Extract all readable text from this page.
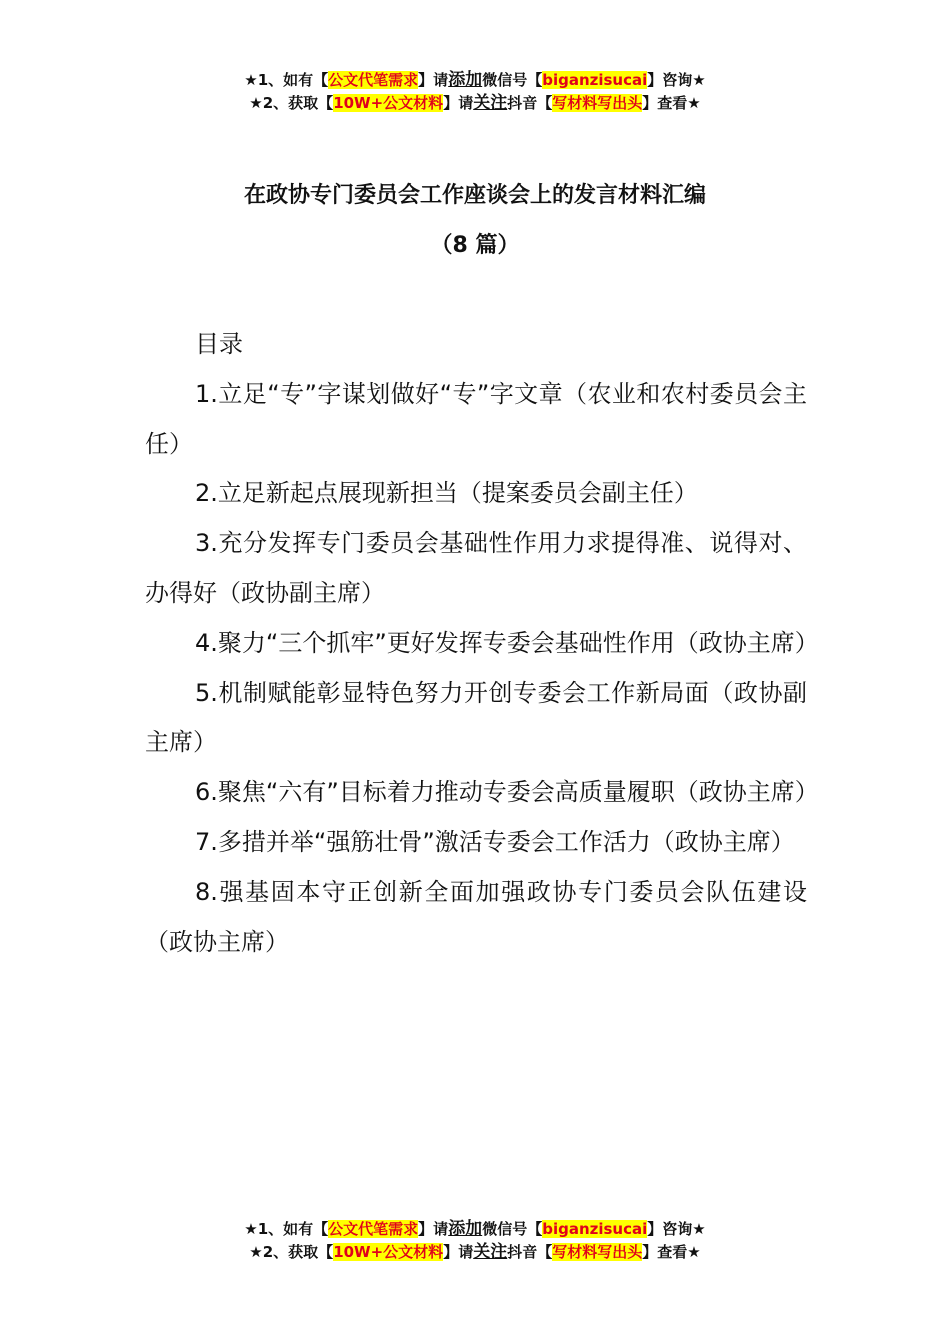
★1、如有【公文代笔需求】请添加微信号【biganzisucai】咨询★
★2、获取【10W+公文材料】请关注抖音【写材料写出头】查看★
在政协专门委员会工作座谈会上的发言材料汇编
（8 篇）

目录

1.立足“专”字谋划做好“专”字文章（农业和农村委员会主任）

2.立足新起点展现新担当（提案委员会副主任）

3.充分发挥专门委员会基础性作用力求提得准、说得对、办得好（政协副主席）

4.聚力“三个抓牢”更好发挥专委会基础性作用（政协主席）

5.机制赋能彰显特色努力开创专委会工作新局面（政协副主席）

6.聚焦“六有”目标着力推动专委会高质量履职（政协主席）

7.多措并举“强筋壮骨”激活专委会工作活力（政协主席）

8.强基固本守正创新全面加强政协专门委员会队伍建设（政协主席）

★1、如有【公文代笔需求】请添加微信号【biganzisucai】咨询★
★2、获取【10W+公文材料】请关注抖音【写材料写出头】查看★
